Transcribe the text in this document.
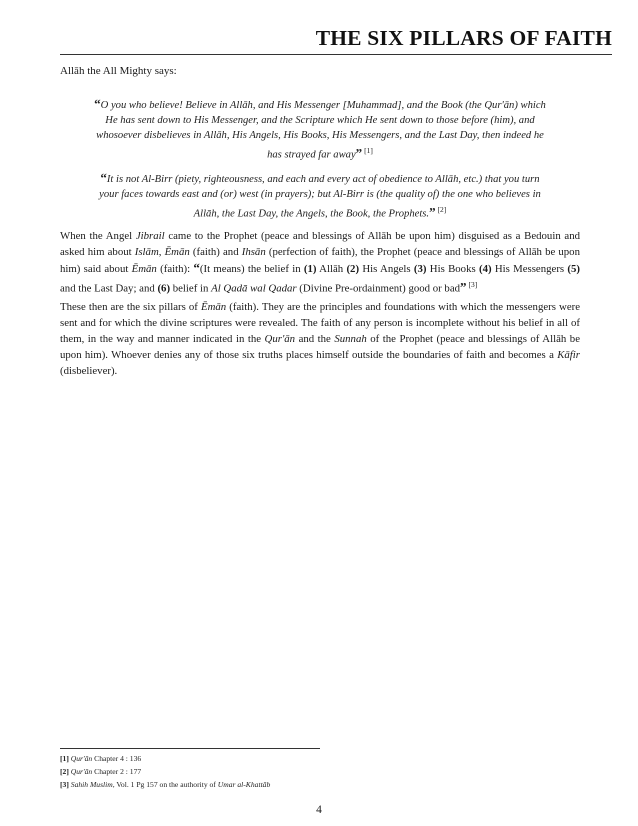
THE SIX PILLARS OF FAITH
Allāh the All Mighty says:
“O you who believe! Believe in Allāh, and His Messenger [Muhammad], and the Book (the Qur'ān) which He has sent down to His Messenger, and the Scripture which He sent down to those before (him), and whosoever disbelieves in Allāh, His Angels, His Books, His Messengers, and the Last Day, then indeed he has strayed far away” [1]
“It is not Al-Birr (piety, righteousness, and each and every act of obedience to Allāh, etc.) that you turn your faces towards east and (or) west (in prayers); but Al-Birr is (the quality of) the one who believes in Allāh, the Last Day, the Angels, the Book, the Prophets.” [2]
When the Angel Jibrail came to the Prophet (peace and blessings of Allāh be upon him) disguised as a Bedouin and asked him about Islām, Ēmān (faith) and Ihsān (perfection of faith), the Prophet (peace and blessings of Allāh be upon him) said about Ēmān (faith): “(It means) the belief in (1) Allāh (2) His Angels (3) His Books (4) His Messengers (5) and the Last Day; and (6) belief in Al Qadā wal Qadar (Divine Pre-ordainment) good or bad” [3]
These then are the six pillars of Ēmān (faith). They are the principles and foundations with which the messengers were sent and for which the divine scriptures were revealed. The faith of any person is incomplete without his belief in all of them, in the way and manner indicated in the Qur'ān and the Sunnah of the Prophet (peace and blessings of Allāh be upon him). Whoever denies any of those six truths places himself outside the boundaries of faith and becomes a Kāfir (disbeliever).
[1] Qur'ān Chapter 4 : 136
[2] Qur'ān Chapter 2 : 177
[3] Sahih Muslim, Vol. 1 Pg 157 on the authority of Umar al-Khattāb
4
